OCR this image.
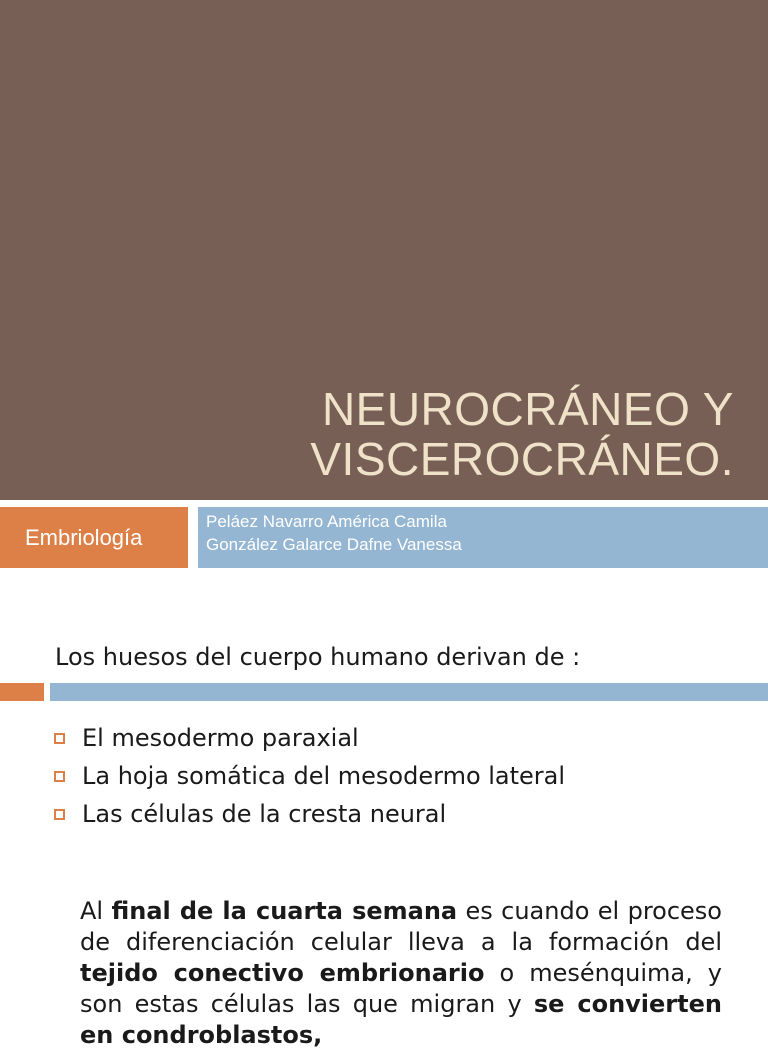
NEUROCRÁNEO Y
VISCEROCRÁNEO.
Embriología
Peláez Navarro América Camila
González Galarce Dafne Vanessa
Los huesos del cuerpo humano derivan de :
El mesodermo paraxial
La hoja somática del mesodermo lateral
Las células de la cresta neural

Al final de la cuarta semana es cuando el proceso de diferenciación celular lleva a la formación del tejido conectivo embrionario o mesénquima, y son estas células las que migran y se convierten en condroblastos,
